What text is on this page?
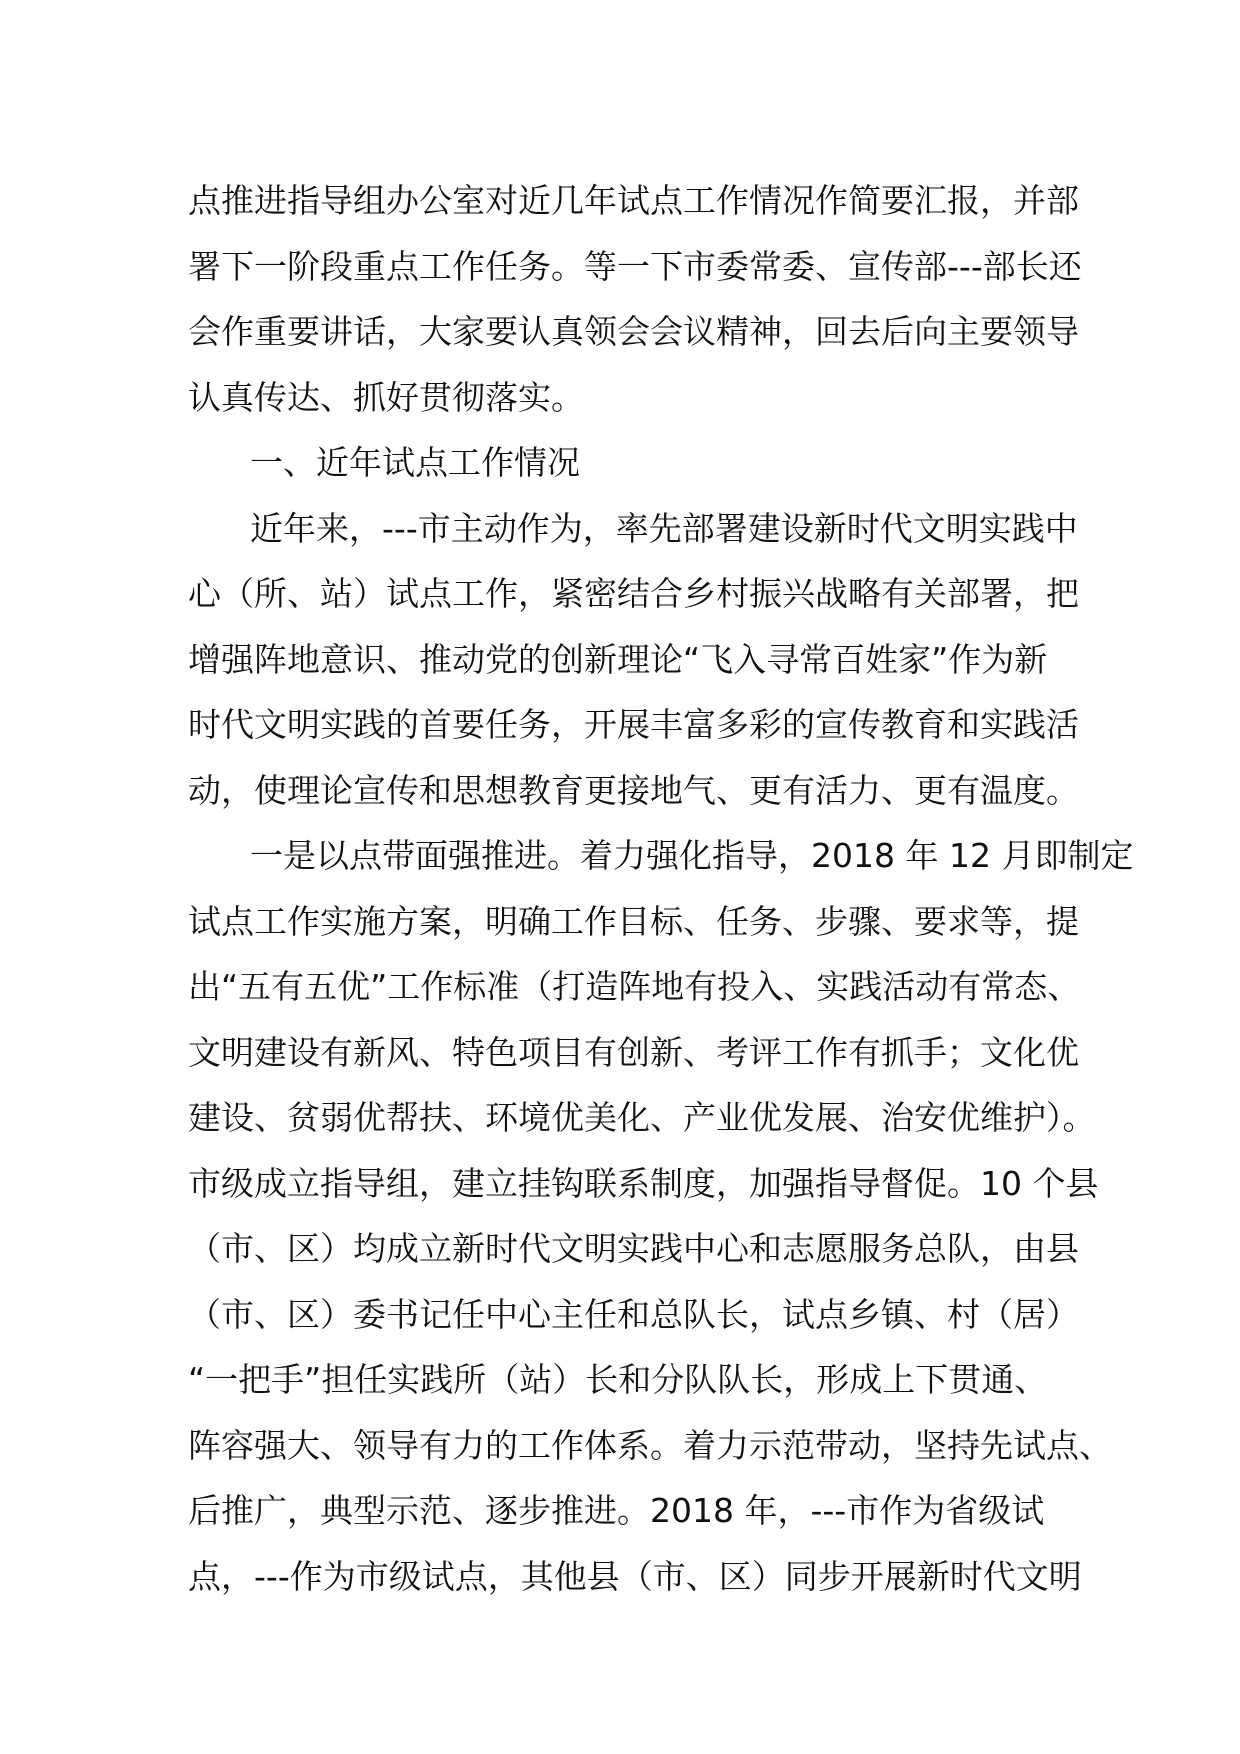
点推进指导组办公室对近几年试点工作情况作简要汇报，并部
署下一阶段重点工作任务。等一下市委常委、宣传部---部长还
会作重要讲话，大家要认真领会会议精神，回去后向主要领导
认真传达、抓好贯彻落实。
一、近年试点工作情况
近年来，---市主动作为，率先部署建设新时代文明实践中
心（所、站）试点工作，紧密结合乡村振兴战略有关部署，把
增强阵地意识、推动党的创新理论“飞入寻常百姓家”作为新
时代文明实践的首要任务，开展丰富多彩的宣传教育和实践活
动，使理论宣传和思想教育更接地气、更有活力、更有温度。
一是以点带面强推进。着力强化指导，2018 年 12 月即制定
试点工作实施方案，明确工作目标、任务、步骤、要求等，提
出“五有五优”工作标准（打造阵地有投入、实践活动有常态、
文明建设有新风、特色项目有创新、考评工作有抓手；文化优
建设、贫弱优帮扶、环境优美化、产业优发展、治安优维护）。
市级成立指导组，建立挂钩联系制度，加强指导督促。10 个县
（市、区）均成立新时代文明实践中心和志愿服务总队，由县
（市、区）委书记任中心主任和总队长，试点乡镇、村（居）
“一把手”担任实践所（站）长和分队队长，形成上下贯通、
阵容强大、领导有力的工作体系。着力示范带动，坚持先试点、
后推广，典型示范、逐步推进。2018 年，---市作为省级试
点，---作为市级试点，其他县（市、区）同步开展新时代文明
